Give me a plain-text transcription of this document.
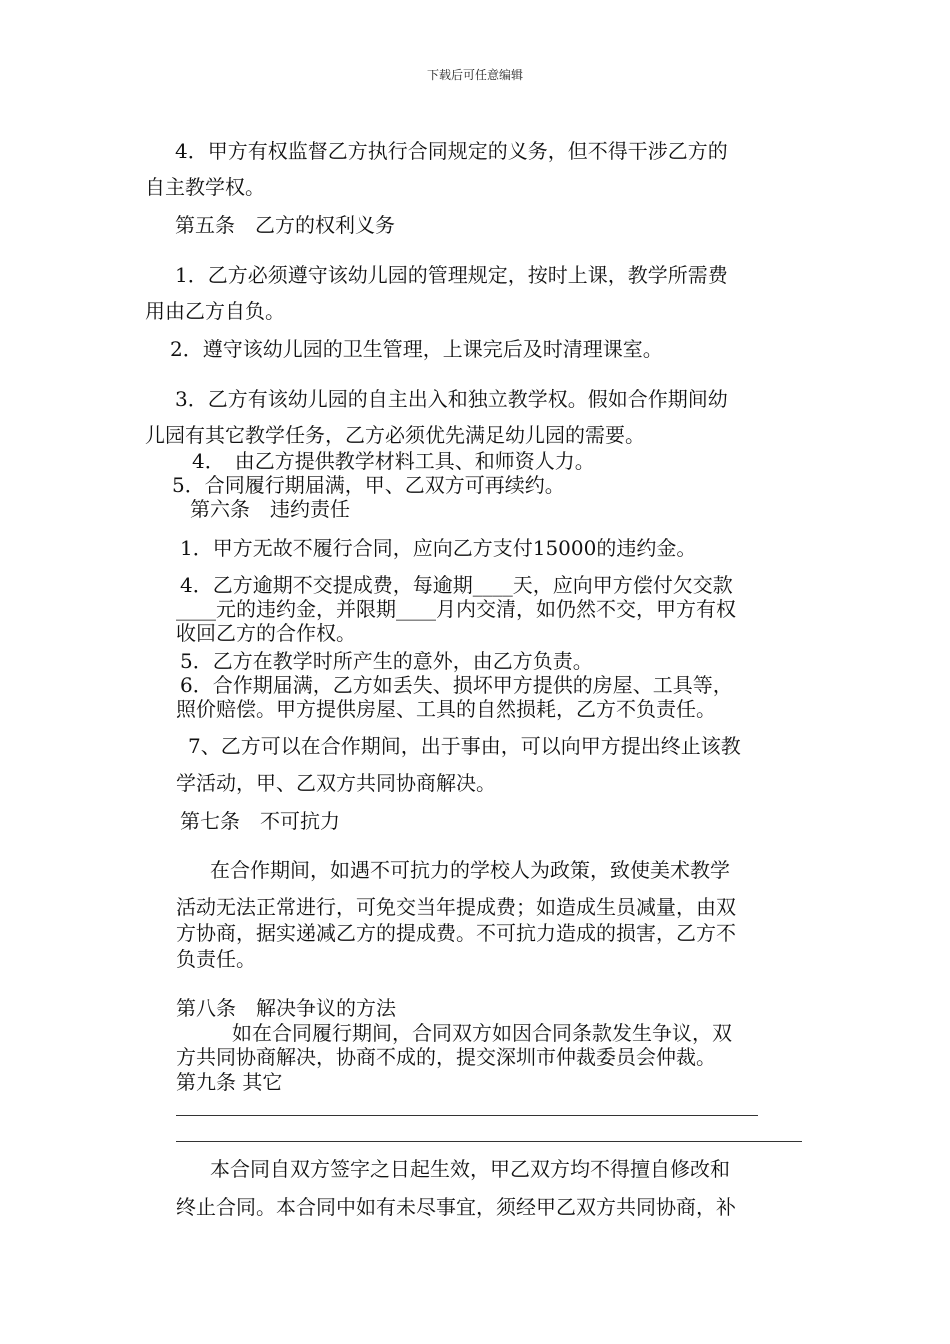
下载后可任意编辑
4．甲方有权监督乙方执行合同规定的义务，但不得干涉乙方的
自主教学权。
第五条　乙方的权利义务
1．乙方必须遵守该幼儿园的管理规定，按时上课，教学所需费
用由乙方自负。
2．遵守该幼儿园的卫生管理，上课完后及时清理课室。
3．乙方有该幼儿园的自主出入和独立教学权。假如合作期间幼
儿园有其它教学任务，乙方必须优先满足幼儿园的需要。
4．　由乙方提供教学材料工具、和师资人力。
5．合同履行期届满，甲、乙双方可再续约。
第六条　违约责任
1．甲方无故不履行合同，应向乙方支付15000的违约金。
4．乙方逾期不交提成费，每逾期____天，应向甲方偿付欠交款
____元的违约金，并限期____月内交清，如仍然不交，甲方有权
收回乙方的合作权。
5．乙方在教学时所产生的意外，由乙方负责。
6．合作期届满，乙方如丢失、损坏甲方提供的房屋、工具等，
照价赔偿。甲方提供房屋、工具的自然损耗，乙方不负责任。
7、乙方可以在合作期间，出于事由，可以向甲方提出终止该教
学活动，甲、乙双方共同协商解决。
第七条　不可抗力
在合作期间，如遇不可抗力的学校人为政策，致使美术教学
活动无法正常进行，可免交当年提成费；如造成生员减量，由双
方协商，据实递减乙方的提成费。不可抗力造成的损害，乙方不
负责任。
第八条　解决争议的方法
如在合同履行期间，合同双方如因合同条款发生争议，双
方共同协商解决，协商不成的，提交深圳市仲裁委员会仲裁。
第九条 其它
本合同自双方签字之日起生效，甲乙双方均不得擅自修改和
终止合同。本合同中如有未尽事宜，须经甲乙双方共同协商，补
